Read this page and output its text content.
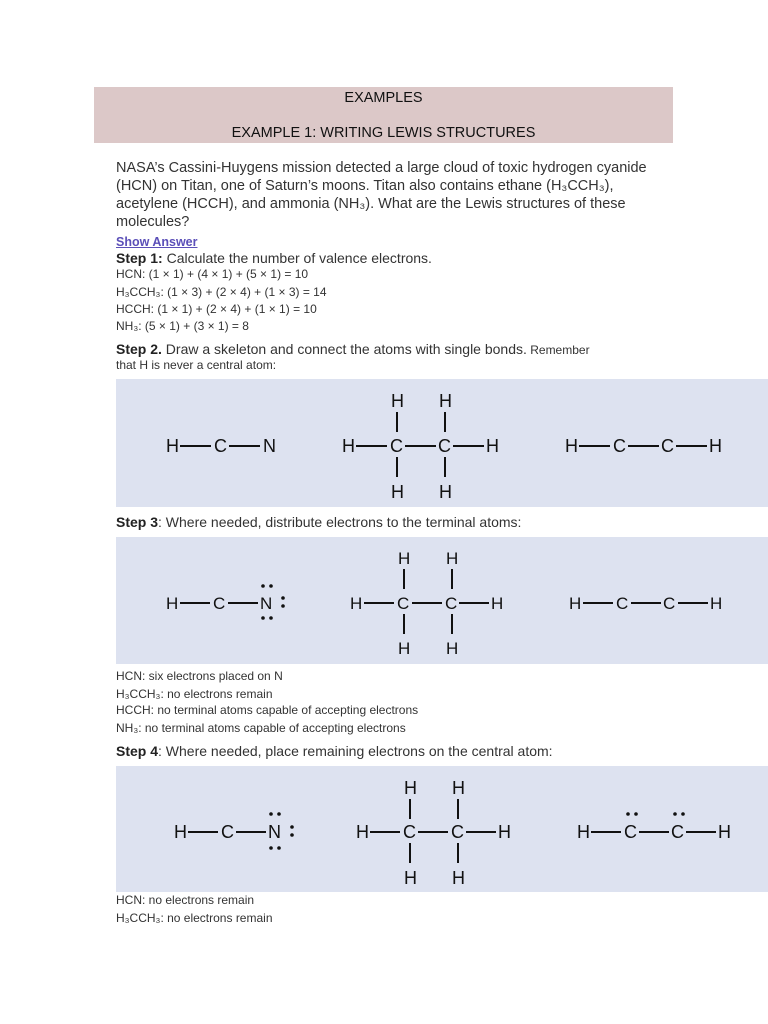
EXAMPLES
EXAMPLE 1: WRITING LEWIS STRUCTURES
NASA’s Cassini-Huygens mission detected a large cloud of toxic hydrogen cyanide (HCN) on Titan, one of Saturn’s moons. Titan also contains ethane (H₃CCH₃), acetylene (HCCH), and ammonia (NH₃). What are the Lewis structures of these molecules?
Show Answer
Step 1: Calculate the number of valence electrons.
HCN: (1 × 1) + (4 × 1) + (5 × 1) = 10
H₃CCH₃: (1 × 3) + (2 × 4) + (1 × 3) = 14
HCCH: (1 × 1) + (2 × 4) + (1 × 1) = 10
NH₃: (5 × 1) + (3 × 1) = 8
Step 2. Draw a skeleton and connect the atoms with single bonds. Remember
that H is never a central atom:
H C N	H C C H
H H
H H
H C C H
Step 3: Where needed, distribute electrons to the terminal atoms:
H C N	H C C H
H H
H H
H C C H
HCN: six electrons placed on N
H₃CCH₃: no electrons remain
HCCH: no terminal atoms capable of accepting electrons
NH₃: no terminal atoms capable of accepting electrons
Step 4: Where needed, place remaining electrons on the central atom:
H C N	H C C H
H H
H H
H C C H
HCN: no electrons remain
H₃CCH₃: no electrons remain
